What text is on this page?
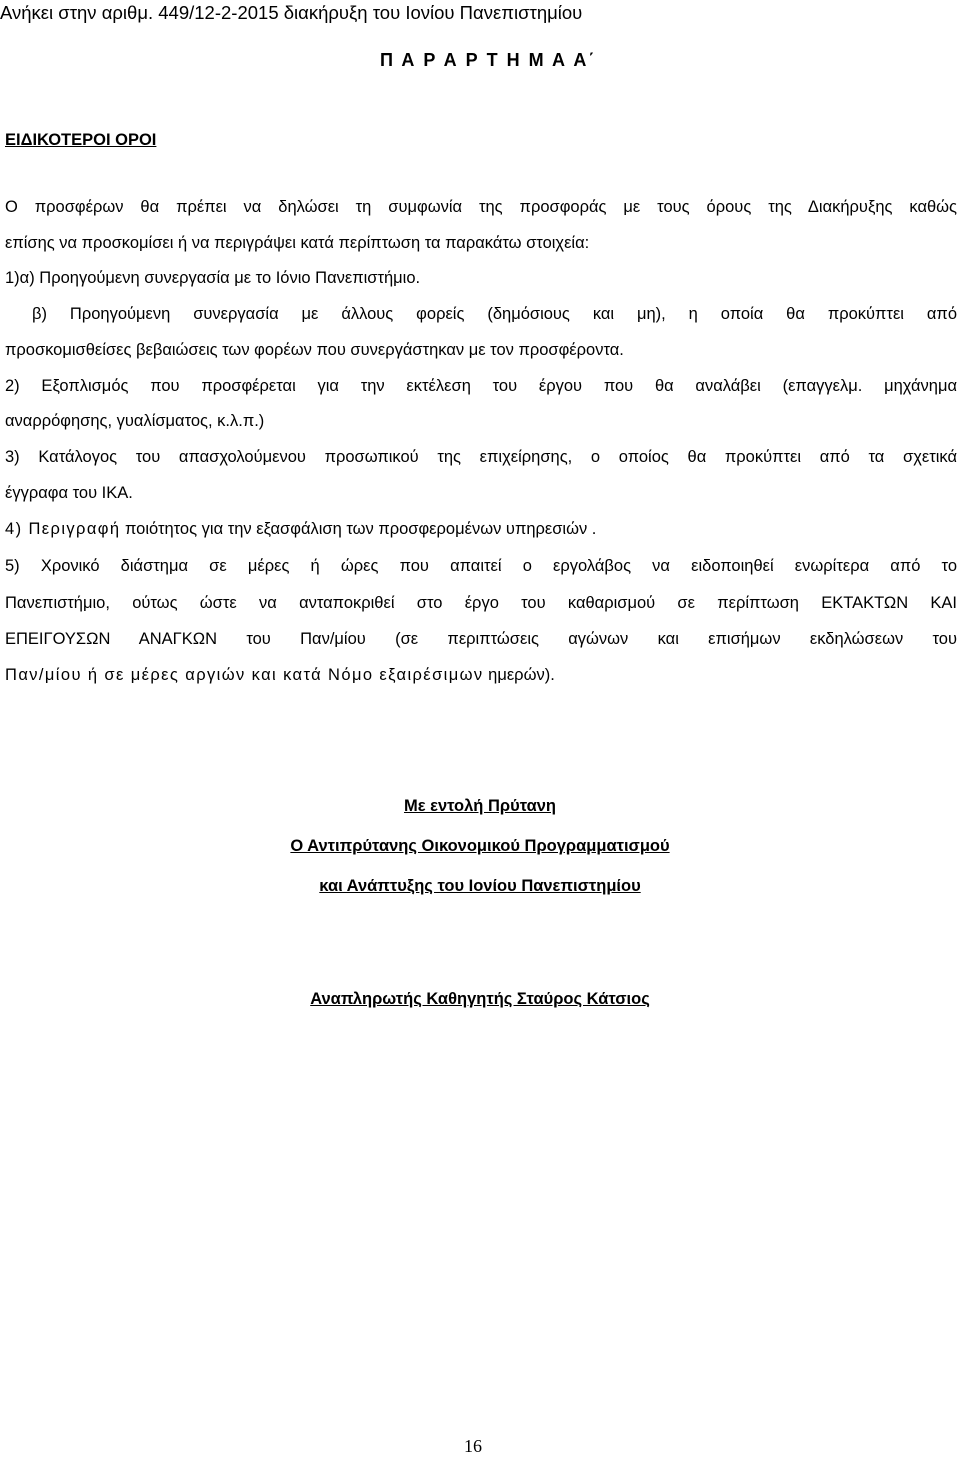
Ανήκει στην αριθμ. 449/12-2-2015 διακήρυξη του Ιονίου Πανεπιστημίου
Π Α Ρ Α Ρ Τ Η Μ Α Α΄
ΕΙΔΙΚΟΤΕΡΟΙ ΟΡΟΙ
Ο προσφέρων θα πρέπει να δηλώσει τη συμφωνία της προσφοράς με τους όρους της Διακήρυξης καθώς
επίσης να προσκομίσει ή να περιγράψει κατά περίπτωση τα παρακάτω στοιχεία:
1)α) Προηγούμενη συνεργασία με το Ιόνιο Πανεπιστήμιο.
β) Προηγούμενη συνεργασία με άλλους φορείς (δημόσιους και μη), η οποία θα προκύπτει από
προσκομισθείσες βεβαιώσεις των φορέων που συνεργάστηκαν με τον προσφέροντα.
2) Εξοπλισμός που προσφέρεται για την εκτέλεση του έργου που θα αναλάβει (επαγγελμ. μηχάνημα
αναρρόφησης, γυαλίσματος, κ.λ.π.)
3) Κατάλογος του απασχολούμενου προσωπικού της επιχείρησης, ο οποίος θα προκύπτει από τα σχετικά
έγγραφα του ΙΚΑ.
4) Περιγραφή ποιότητος για την εξασφάλιση των προσφερομένων υπηρεσιών .
5) Χρονικό διάστημα σε μέρες ή ώρες που απαιτεί ο εργολάβος να ειδοποιηθεί ενωρίτερα από το
Πανεπιστήμιο, ούτως ώστε να ανταποκριθεί στο έργο του καθαρισμού σε περίπτωση ΕΚΤΑΚΤΩΝ ΚΑΙ
ΕΠΕΙΓΟΥΣΩΝ ΑΝΑΓΚΩΝ του Παν/μίου (σε περιπτώσεις αγώνων και επισήμων εκδηλώσεων του
Παν/μίου ή σε μέρες αργιών και κατά Νόμο εξαιρέσιμων ημερών).
Με εντολή Πρύτανη
Ο Αντιπρύτανης Οικονομικού Προγραμματισμού
και Ανάπτυξης του Ιονίου Πανεπιστημίου
Αναπληρωτής Καθηγητής Σταύρος Κάτσιος
16
